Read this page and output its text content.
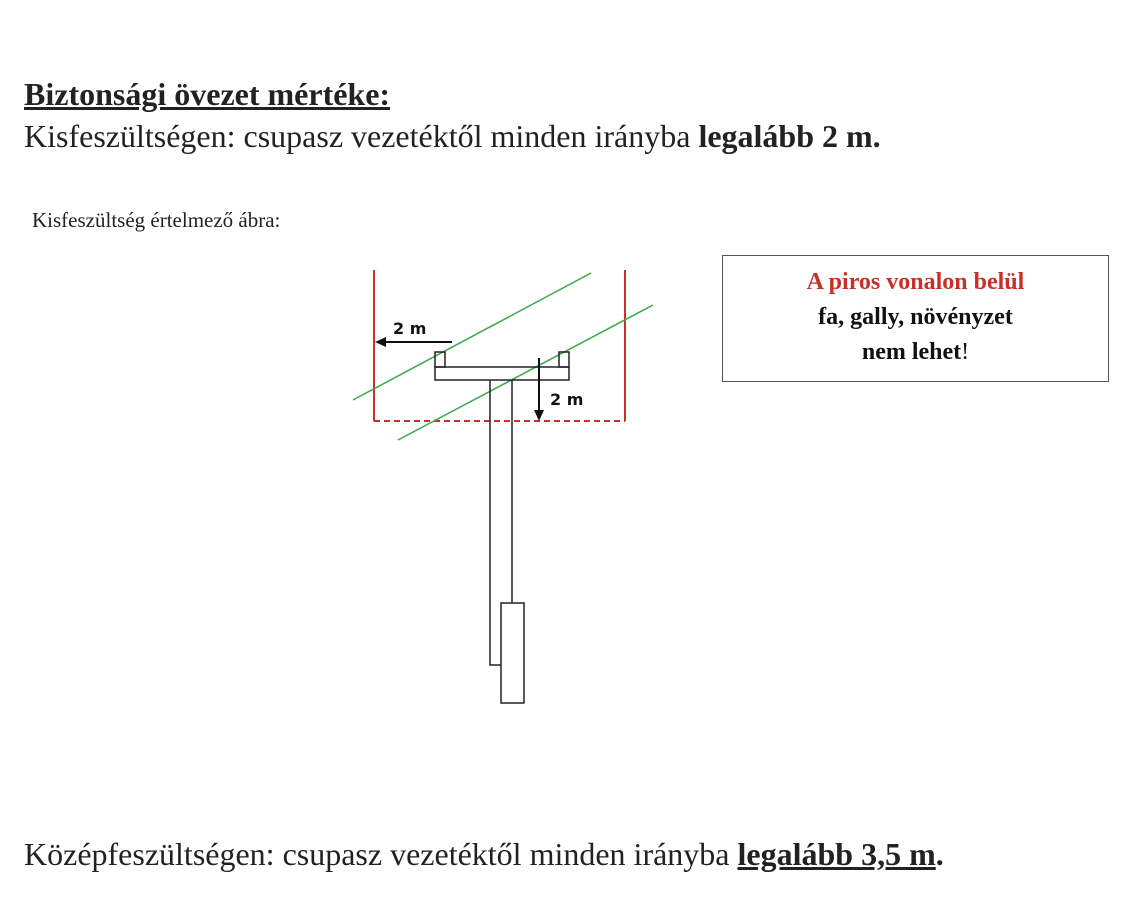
Biztonsági övezet mértéke:
Kisfeszültségen: csupasz vezetéktől minden irányba legalább 2 m.
Kisfeszültség értelmező ábra:
2 m
2 m
A piros vonalon belül
fa, gally, növényzet
nem lehet!
Középfeszültségen: csupasz vezetéktől minden irányba legalább 3,5 m.
